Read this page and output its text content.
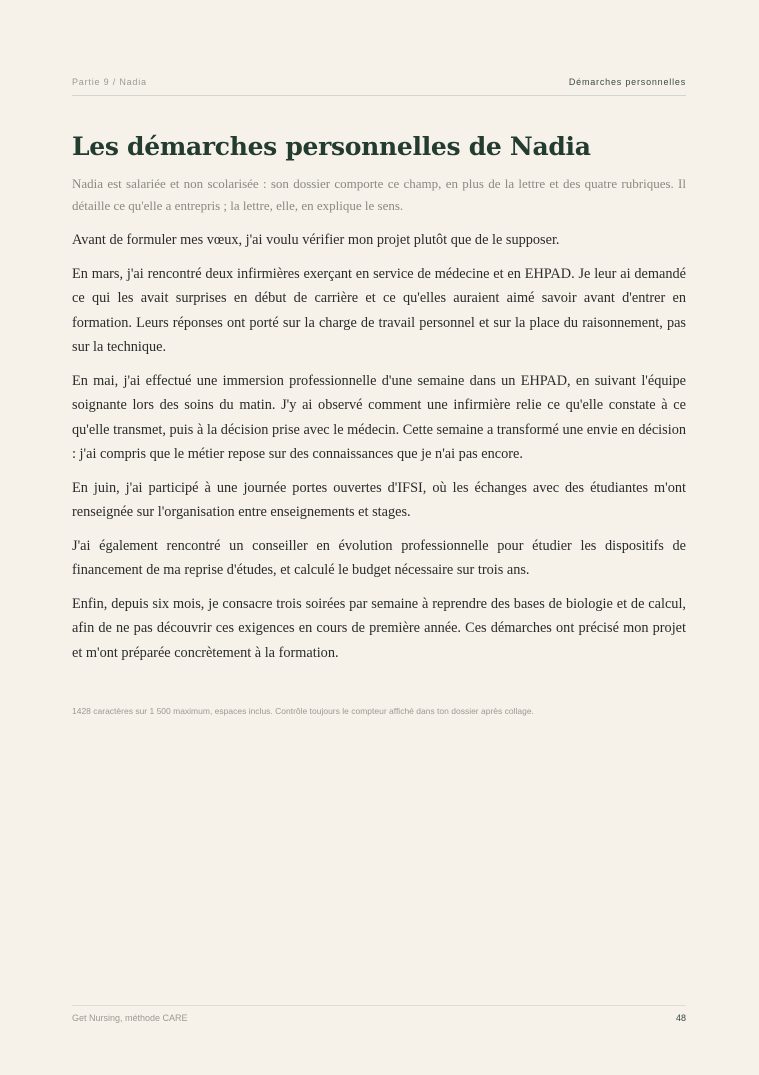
Partie 9 / Nadia	Démarches personnelles
Les démarches personnelles de Nadia

Nadia est salariée et non scolarisée : son dossier comporte ce champ, en plus de la lettre et des quatre rubriques. Il détaille ce qu'elle a entrepris ; la lettre, elle, en explique le sens.

Avant de formuler mes vœux, j'ai voulu vérifier mon projet plutôt que de le supposer.

En mars, j'ai rencontré deux infirmières exerçant en service de médecine et en EHPAD. Je leur ai demandé ce qui les avait surprises en début de carrière et ce qu'elles auraient aimé savoir avant d'entrer en formation. Leurs réponses ont porté sur la charge de travail personnel et sur la place du raisonnement, pas sur la technique.

En mai, j'ai effectué une immersion professionnelle d'une semaine dans un EHPAD, en suivant l'équipe soignante lors des soins du matin. J'y ai observé comment une infirmière relie ce qu'elle constate à ce qu'elle transmet, puis à la décision prise avec le médecin. Cette semaine a transformé une envie en décision : j'ai compris que le métier repose sur des connaissances que je n'ai pas encore.

En juin, j'ai participé à une journée portes ouvertes d'IFSI, où les échanges avec des étudiantes m'ont renseignée sur l'organisation entre enseignements et stages.

J'ai également rencontré un conseiller en évolution professionnelle pour étudier les dispositifs de financement de ma reprise d'études, et calculé le budget nécessaire sur trois ans.

Enfin, depuis six mois, je consacre trois soirées par semaine à reprendre des bases de biologie et de calcul, afin de ne pas découvrir ces exigences en cours de première année. Ces démarches ont précisé mon projet et m'ont préparée concrètement à la formation.

1428 caractères sur 1 500 maximum, espaces inclus. Contrôle toujours le compteur affiché dans ton dossier après collage.

Get Nursing, méthode CARE	48
